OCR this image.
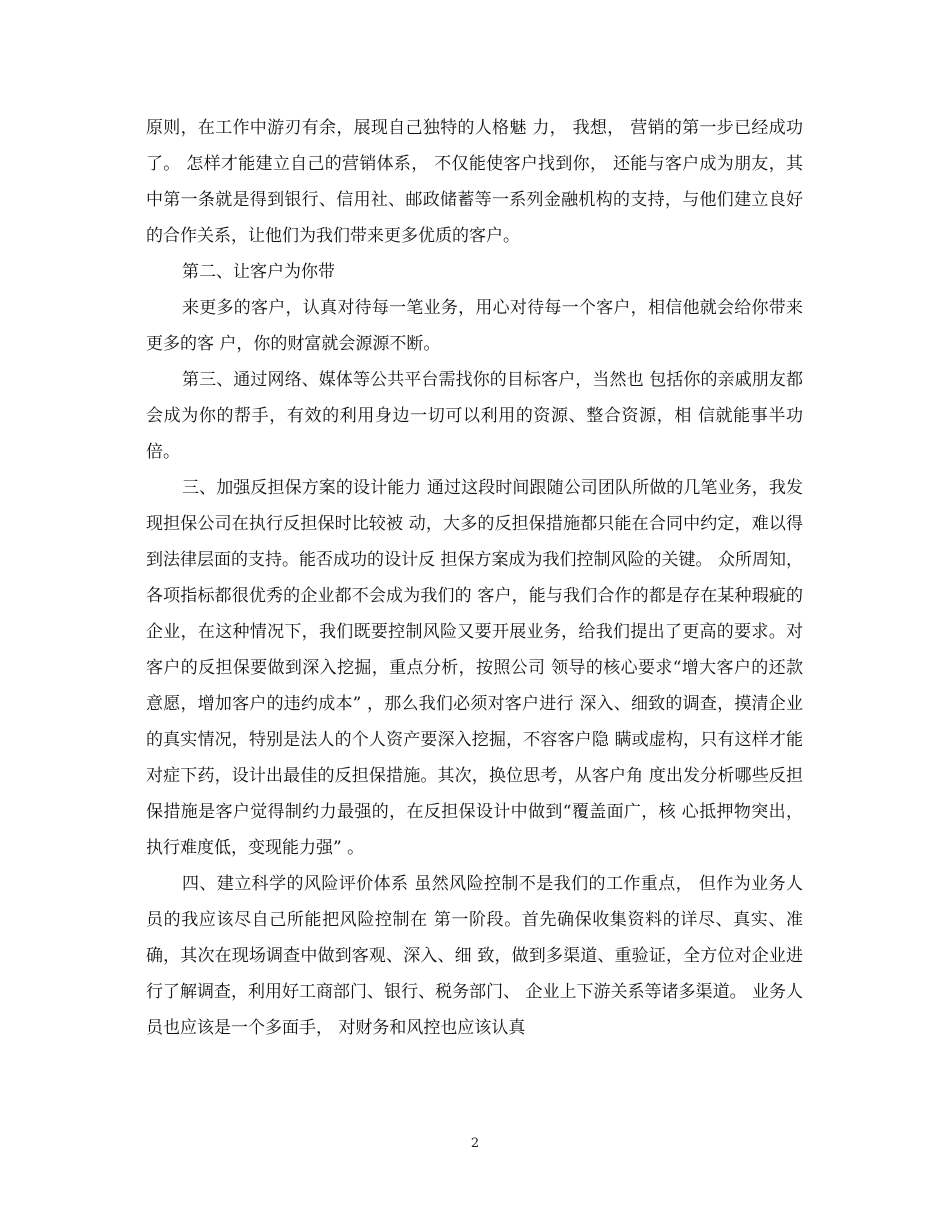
原则，在工作中游刃有余，展现自己独特的人格魅 力， 我想， 营销的第一步已经成功了。 怎样才能建立自己的营销体系， 不仅能使客户找到你， 还能与客户成为朋友，其中第一条就是得到银行、信用社、邮政储蓄等一系列金融机构的支持，与他们建立良好的合作关系，让他们为我们带来更多优质的客户。

第二、让客户为你带

来更多的客户，认真对待每一笔业务，用心对待每一个客户，相信他就会给你带来更多的客 户，你的财富就会源源不断。

第三、通过网络、媒体等公共平台需找你的目标客户，当然也 包括你的亲戚朋友都会成为你的帮手，有效的利用身边一切可以利用的资源、整合资源，相 信就能事半功倍。

三、加强反担保方案的设计能力 通过这段时间跟随公司团队所做的几笔业务，我发现担保公司在执行反担保时比较被 动，大多的反担保措施都只能在合同中约定，难以得到法律层面的支持。能否成功的设计反 担保方案成为我们控制风险的关键。 众所周知， 各项指标都很优秀的企业都不会成为我们的 客户，能与我们合作的都是存在某种瑕疵的企业，在这种情况下，我们既要控制风险又要开展业务，给我们提出了更高的要求。对客户的反担保要做到深入挖掘，重点分析，按照公司 领导的核心要求“增大客户的还款意愿，增加客户的违约成本” ，那么我们必须对客户进行 深入、细致的调查，摸清企业的真实情况，特别是法人的个人资产要深入挖掘，不容客户隐 瞒或虚构，只有这样才能对症下药，设计出最佳的反担保措施。其次，换位思考，从客户角 度出发分析哪些反担保措施是客户觉得制约力最强的，在反担保设计中做到“覆盖面广，核 心抵押物突出，执行难度低，变现能力强” 。

四、建立科学的风险评价体系 虽然风险控制不是我们的工作重点， 但作为业务人员的我应该尽自己所能把风险控制在 第一阶段。首先确保收集资料的详尽、真实、准确，其次在现场调查中做到客观、深入、细 致，做到多渠道、重验证，全方位对企业进行了解调查，利用好工商部门、银行、税务部门、 企业上下游关系等诸多渠道。 业务人员也应该是一个多面手， 对财务和风控也应该认真

2
